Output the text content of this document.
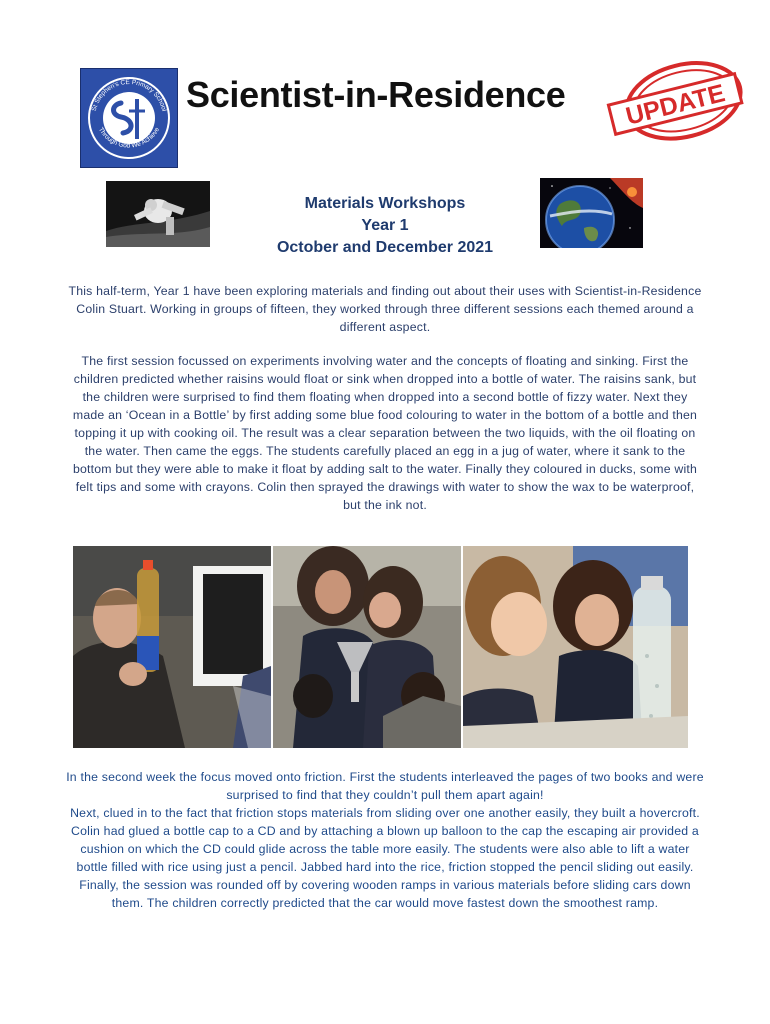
St Stephen's CE Primary School
Through God We Achieve
Scientist-in-Residence UPDATE
Materials Workshops
Year 1
October and December 2021
This half-term, Year 1 have been exploring materials and finding out about their uses with Scientist-in-Residence Colin Stuart. Working in groups of fifteen, they worked through three different sessions each themed around a different aspect.
The first session focussed on experiments involving water and the concepts of floating and sinking. First the children predicted whether raisins would float or sink when dropped into a bottle of water. The raisins sank, but the children were surprised to find them floating when dropped into a second bottle of fizzy water. Next they made an ‘Ocean in a Bottle’ by first adding some blue food colouring to water in the bottom of a bottle and then topping it up with cooking oil. The result was a clear separation between the two liquids, with the oil floating on the water. Then came the eggs. The students carefully placed an egg in a jug of water, where it sank to the bottom but they were able to make it float by adding salt to the water. Finally they coloured in ducks, some with felt tips and some with crayons. Colin then sprayed the drawings with water to show the wax to be waterproof, but the ink not.
In the second week the focus moved onto friction. First the students interleaved the pages of two books and were surprised to find that they couldn’t pull them apart again!
Next, clued in to the fact that friction stops materials from sliding over one another easily, they built a hovercroft. Colin had glued a bottle cap to a CD and by attaching a blown up balloon to the cap the escaping air provided a cushion on which the CD could glide across the table more easily. The students were also able to lift a water bottle filled with rice using just a pencil. Jabbed hard into the rice, friction stopped the pencil sliding out easily.
Finally, the session was rounded off by covering wooden ramps in various materials before sliding cars down them. The children correctly predicted that the car would move fastest down the smoothest ramp.
